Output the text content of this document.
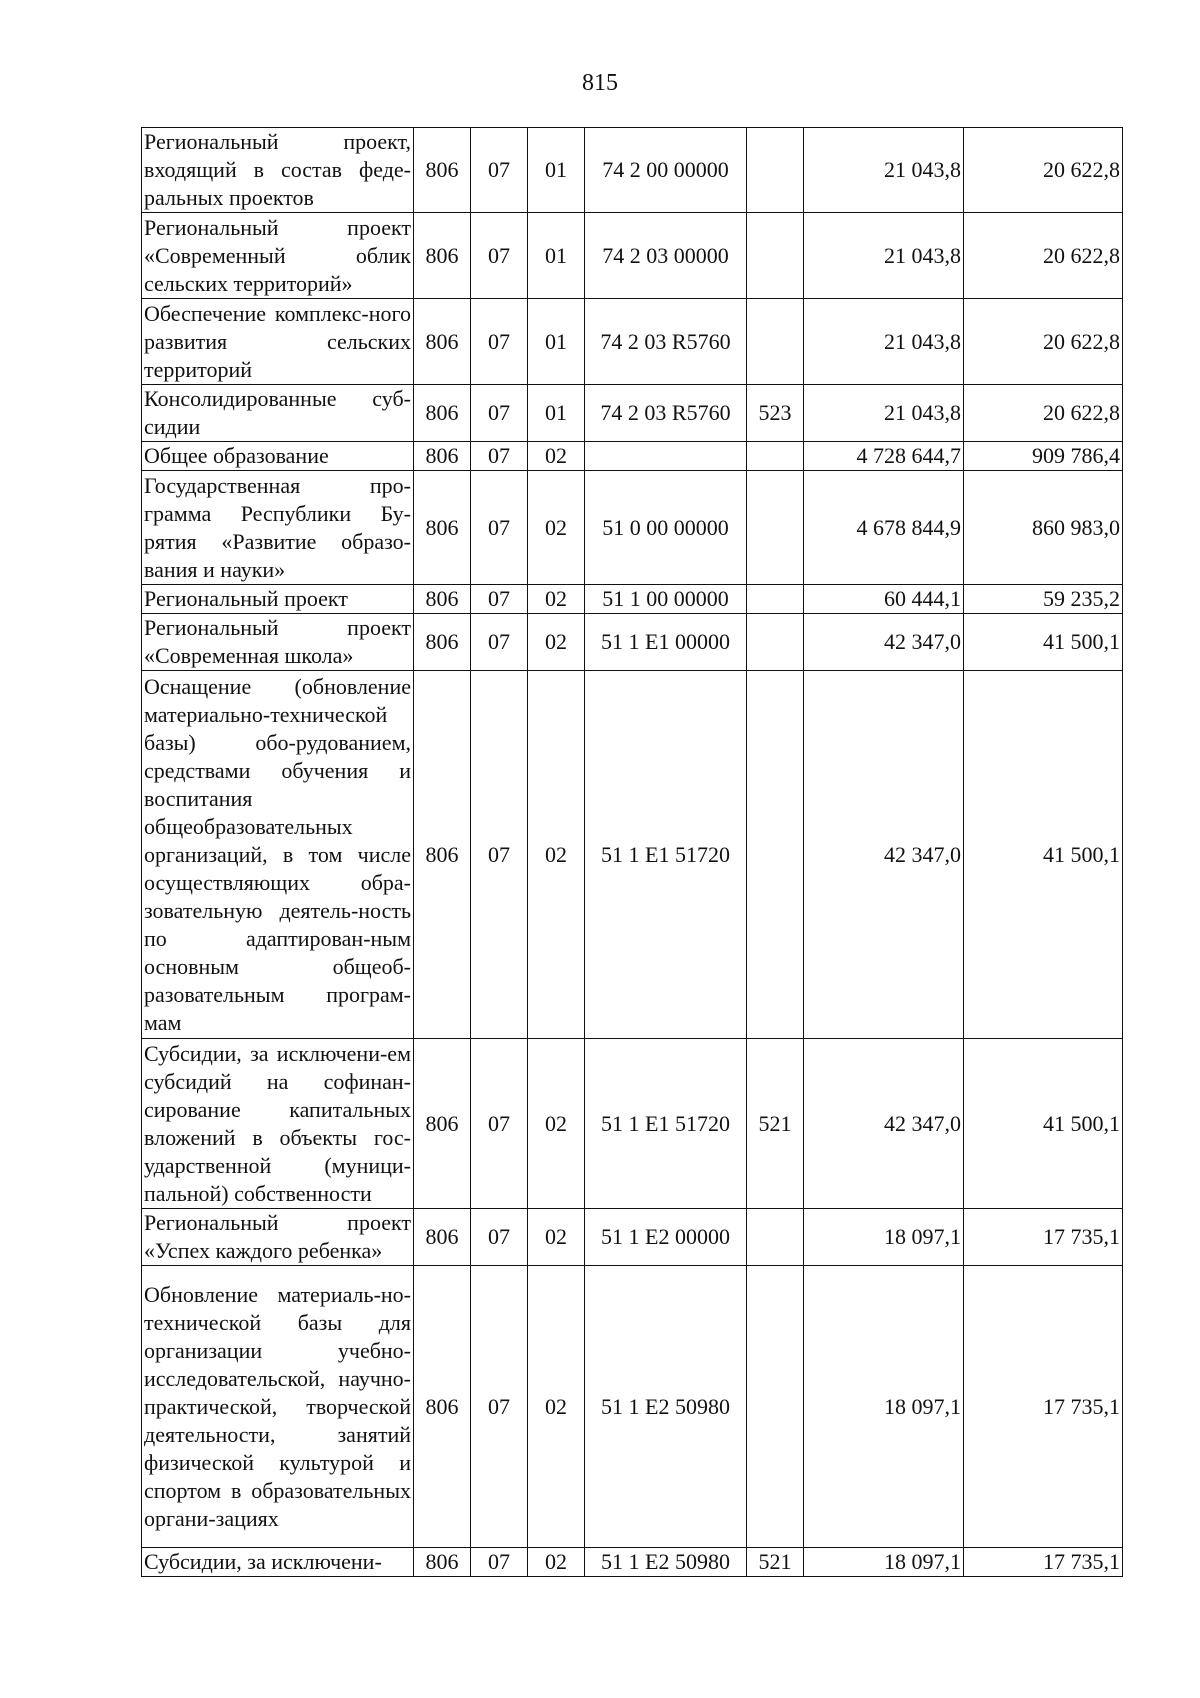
815
Региональный проект, входящий в состав феде-ральных проектов	806	07	01	74 2 00 00000		21 043,8	20 622,8
Региональный проект «Современный облик сельских территорий»	806	07	01	74 2 03 00000		21 043,8	20 622,8
Обеспечение комплекс-ного развития сельских территорий	806	07	01	74 2 03 R5760		21 043,8	20 622,8
Консолидированные суб-сидии	806	07	01	74 2 03 R5760	523	21 043,8	20 622,8
Общее образование	806	07	02			4 728 644,7	909 786,4
Государственная про-грамма Республики Бу-рятия «Развитие образо-вания и науки»	806	07	02	51 0 00 00000		4 678 844,9	860 983,0
Региональный проект	806	07	02	51 1 00 00000		60 444,1	59 235,2
Региональный проект «Современная школа»	806	07	02	51 1 E1 00000		42 347,0	41 500,1
Оснащение (обновление материально-технической базы) обо-рудованием, средствами обучения и воспитания общеобразовательных организаций, в том числе осуществляющих обра-зовательную деятель-ность по адаптирован-ным основным общеоб-разовательным програм-мам	806	07	02	51 1 E1 51720		42 347,0	41 500,1
Субсидии, за исключени-ем субсидий на софинан-сирование капитальных вложений в объекты гос-ударственной (муници-пальной) собственности	806	07	02	51 1 E1 51720	521	42 347,0	41 500,1
Региональный проект «Успех каждого ребенка»	806	07	02	51 1 E2 00000		18 097,1	17 735,1
Обновление материаль-но-технической базы для организации учебно-исследовательской, научно-практической, творческой деятельности, занятий физической культурой и спортом в образовательных органи-зациях	806	07	02	51 1 E2 50980		18 097,1	17 735,1
Субсидии, за исключени-	806	07	02	51 1 E2 50980	521	18 097,1	17 735,1
